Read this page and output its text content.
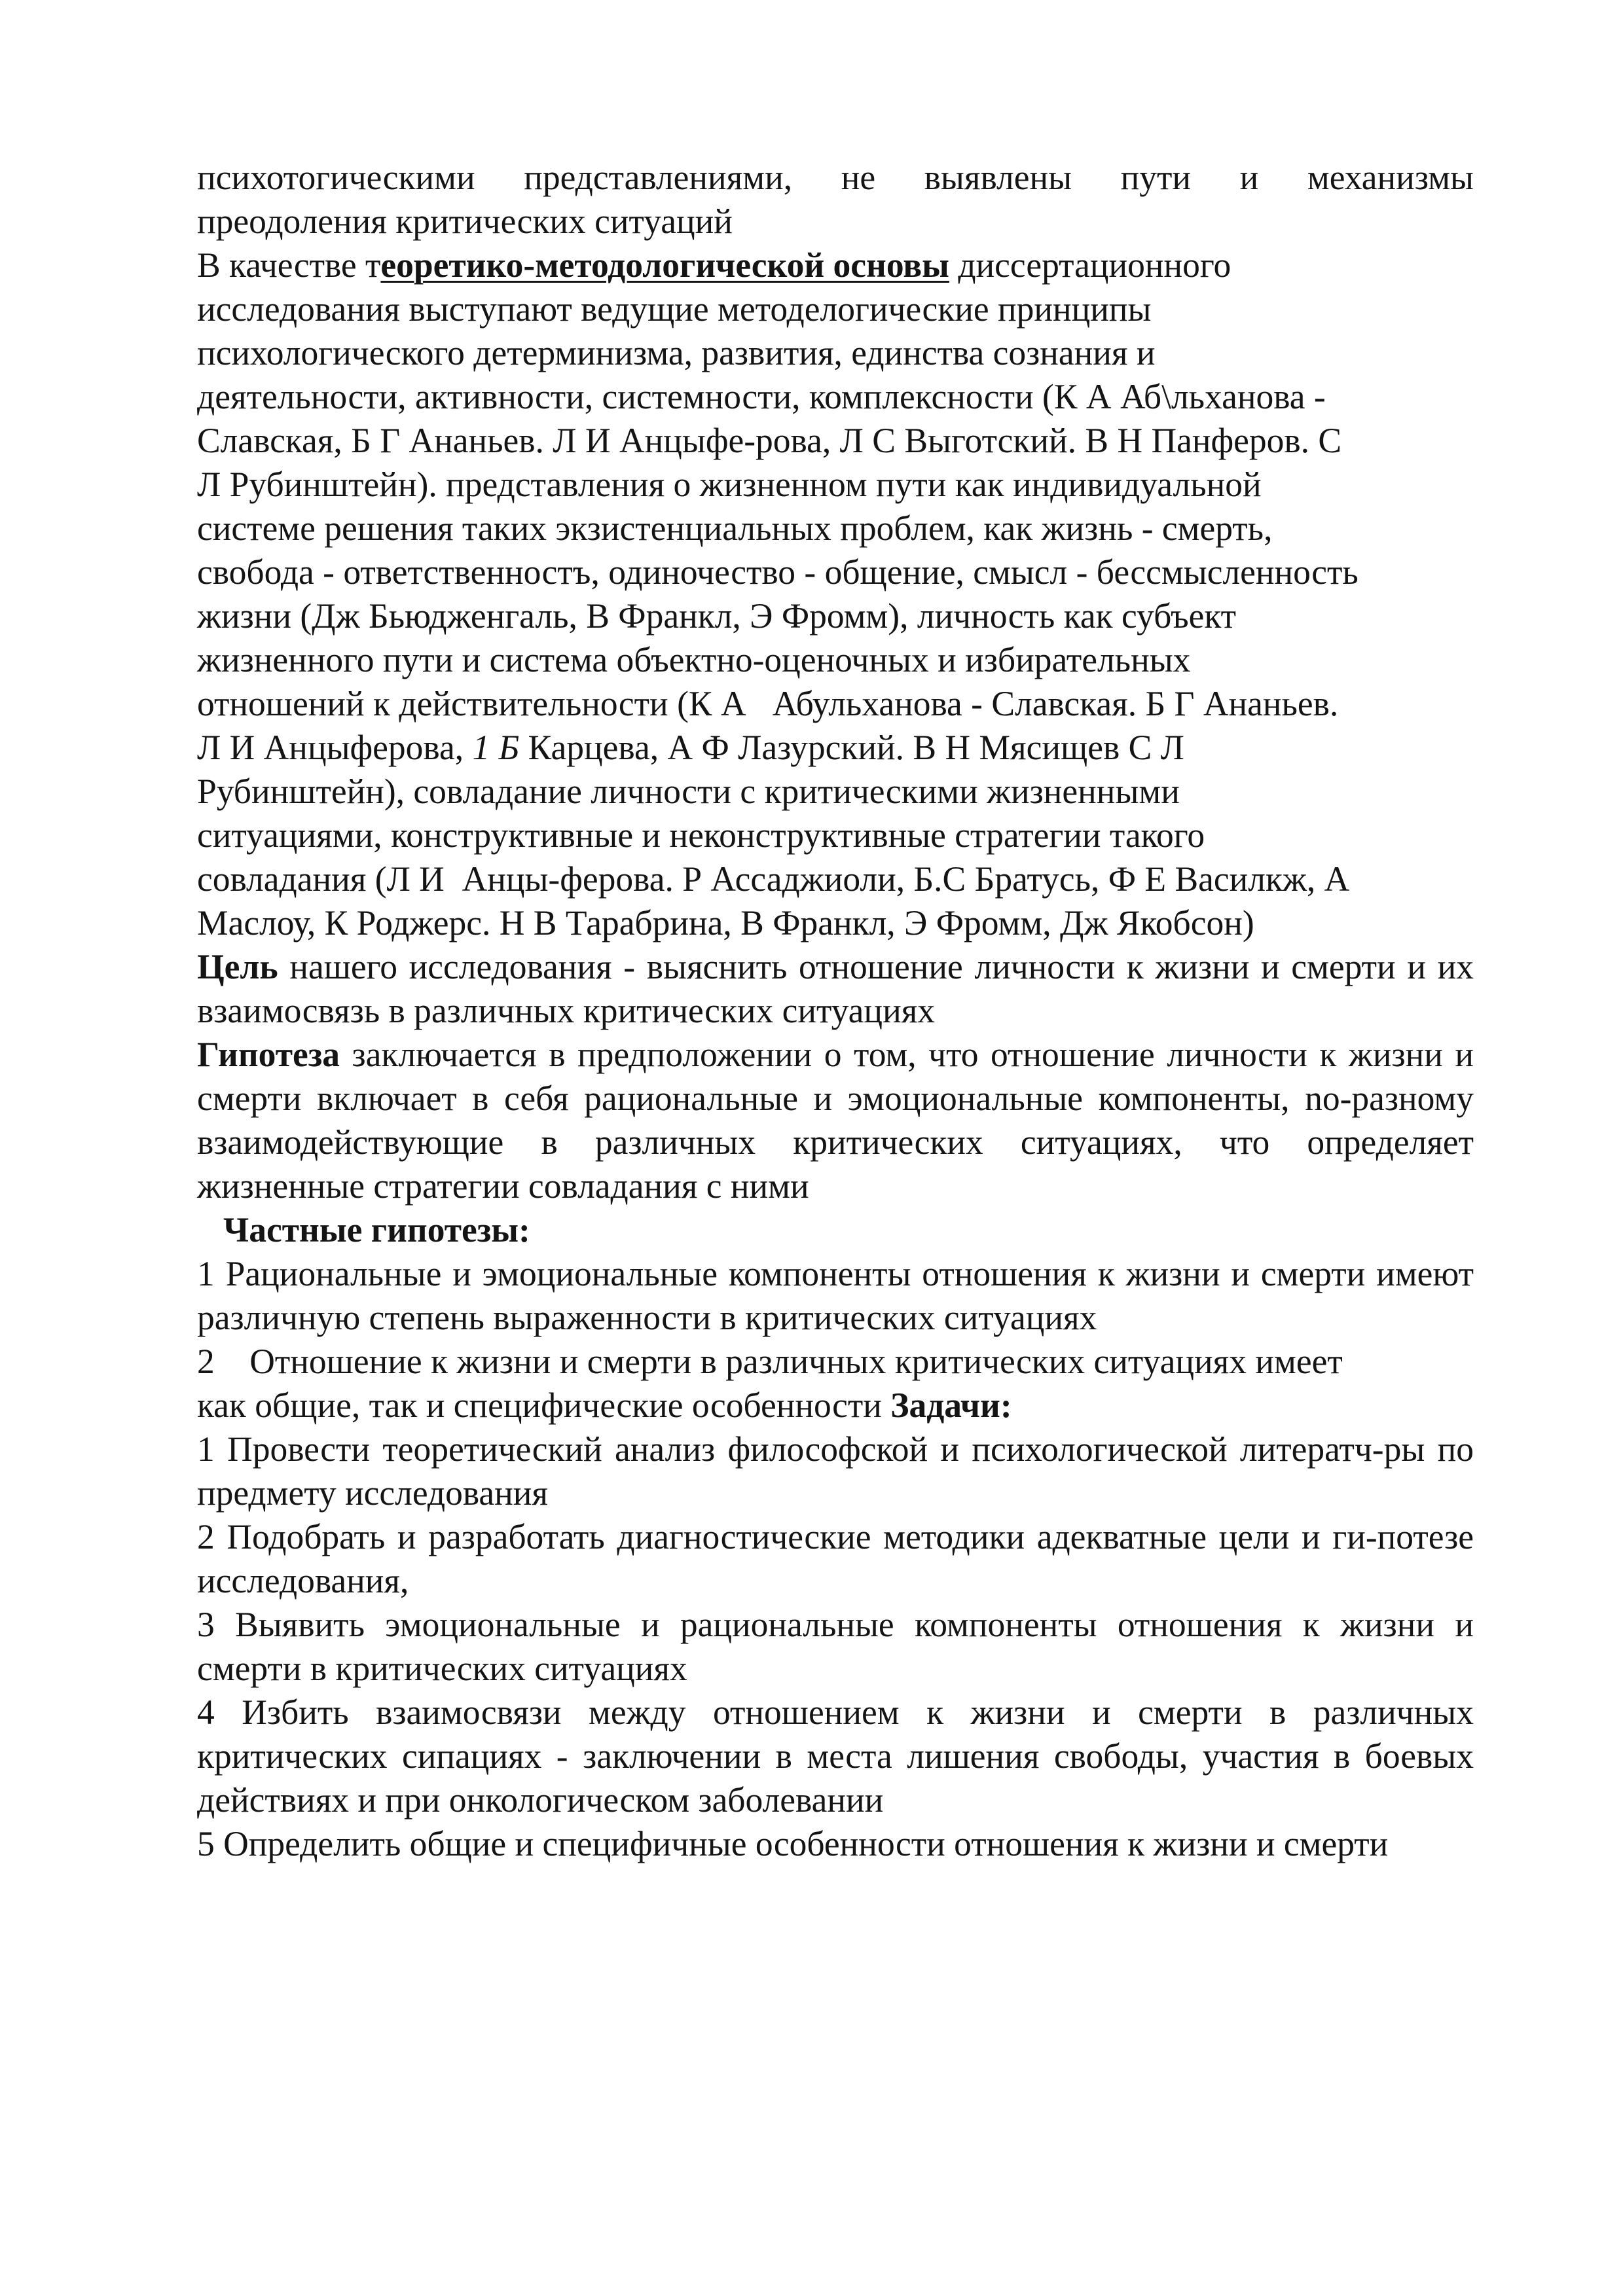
психотогическими представлениями, не выявлены пути и механизмы
преодоления критических ситуаций

В качестве теоретико-методологической основы диссертационного
исследования выступают ведущие методелогические принципы
психологического детерминизма, развития, единства сознания и
деятельности, активности, системности, комплексности (К А Аб\льханова -
Славская, Б Г Ананьев. Л И Анцыфе-рова, Л С Выготский. В Н Панферов. С
Л Рубинштейн). представления о жизненном пути как индивидуальной
системе решения таких экзистенциальных проблем, как жизнь - смерть,
свобода - ответственностъ, одиночество - общение, смысл - бессмысленность
жизни (Дж Бьюдженгаль, В Франкл, Э Фромм), личность как субъект
жизненного пути и система объектно-оценочных и избирательных
отношений к действительности (К А   Абульханова - Славская. Б Г Ананьев.
Л И Анцыферова, 1 Б Карцева, А Ф Лазурский. В Н Мясищев С Л
Рубинштейн), совладание личности с критическими жизненными
ситуациями, конструктивные и неконструктивные стратегии такого
совладания (Л И  Анцы-ферова. Р Ассаджиоли, Б.С Братусь, Ф Е Василкж, А
Маслоу, К Роджерс. Н В Тарабрина, В Франкл, Э Фромм, Дж Якобсон)

Цель нашего исследования - выяснить отношение личности к жизни и смерти и их взаимосвязь в различных критических ситуациях

Гипотеза заключается в предположении о том, что отношение личности к жизни и смерти включает в себя рациональные и эмоциональные компоненты, no-разному взаимодействующие в различных критических ситуациях, что определяет жизненные стратегии совладания с ними

Частные гипотезы:

1 Рациональные и эмоциональные компоненты отношения к жизни и смерти имеют различную степень выраженности в критических ситуациях

2    Отношение к жизни и смерти в различных критических ситуациях имеет
как общие, так и специфические особенности Задачи:

1 Провести теоретический анализ философской и психологической литератч-ры по предмету исследования

2 Подобрать и разработать диагностические методики адекватные цели и ги-потезе исследования,

3 Выявить эмоциональные и рациональные компоненты отношения к жизни и смерти в критических ситуациях

4 Избить взаимосвязи между отношением к жизни и смерти в различных критических сипациях - заключении в места лишения свободы, участия в боевых действиях и при онкологическом заболевании

5 Определить общие и специфичные особенности отношения к жизни и смерти
